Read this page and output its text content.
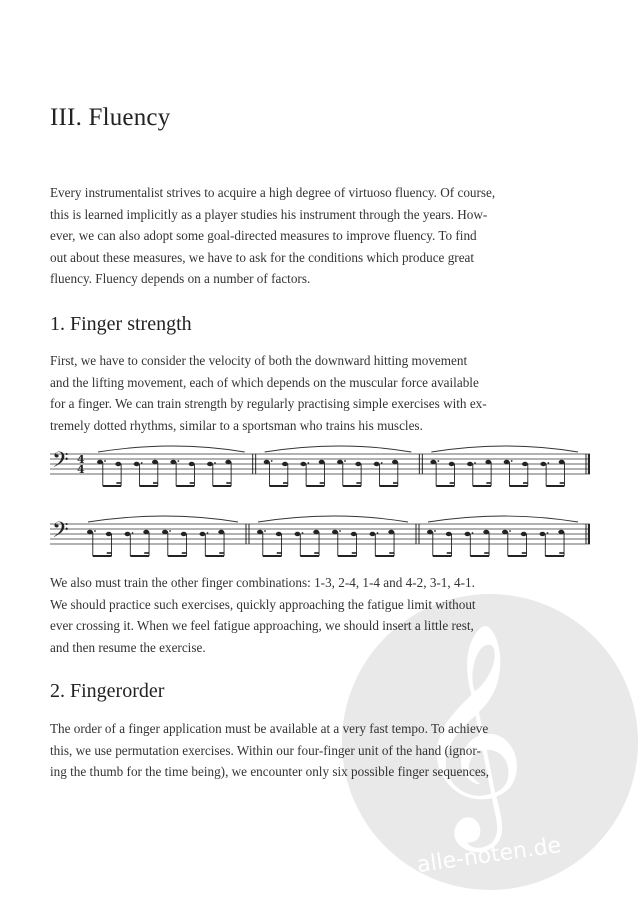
𝄞
alle-noten.de
III. Fluency

Every instrumentalist strives to acquire a high degree of virtuoso fluency. Of course,
this is learned implicitly as a player studies his instrument through the years. How-
ever, we can also adopt some goal-directed measures to improve fluency. To find
out about these measures, we have to ask for the conditions which produce great
fluency. Fluency depends on a number of factors.

1. Finger strength

First, we have to consider the velocity of both the downward hitting movement
and the lifting movement, each of which depends on the muscular force available
for a finger. We can train strength by regularly practising simple exercises with ex-
tremely dotted rhythms, similar to a sportsman who trains his muscles.

𝄢 4
4
𝄢

We also must train the other finger combinations: 1-3, 2-4, 1-4 and 4-2, 3-1, 4-1.
We should practice such exercises, quickly approaching the fatigue limit without
ever crossing it. When we feel fatigue approaching, we should insert a little rest,
and then resume the exercise.

2. Fingerorder

The order of a finger application must be available at a very fast tempo. To achieve
this, we use permutation exercises. Within our four-finger unit of the hand (ignor-
ing the thumb for the time being), we encounter only six possible finger sequences,
